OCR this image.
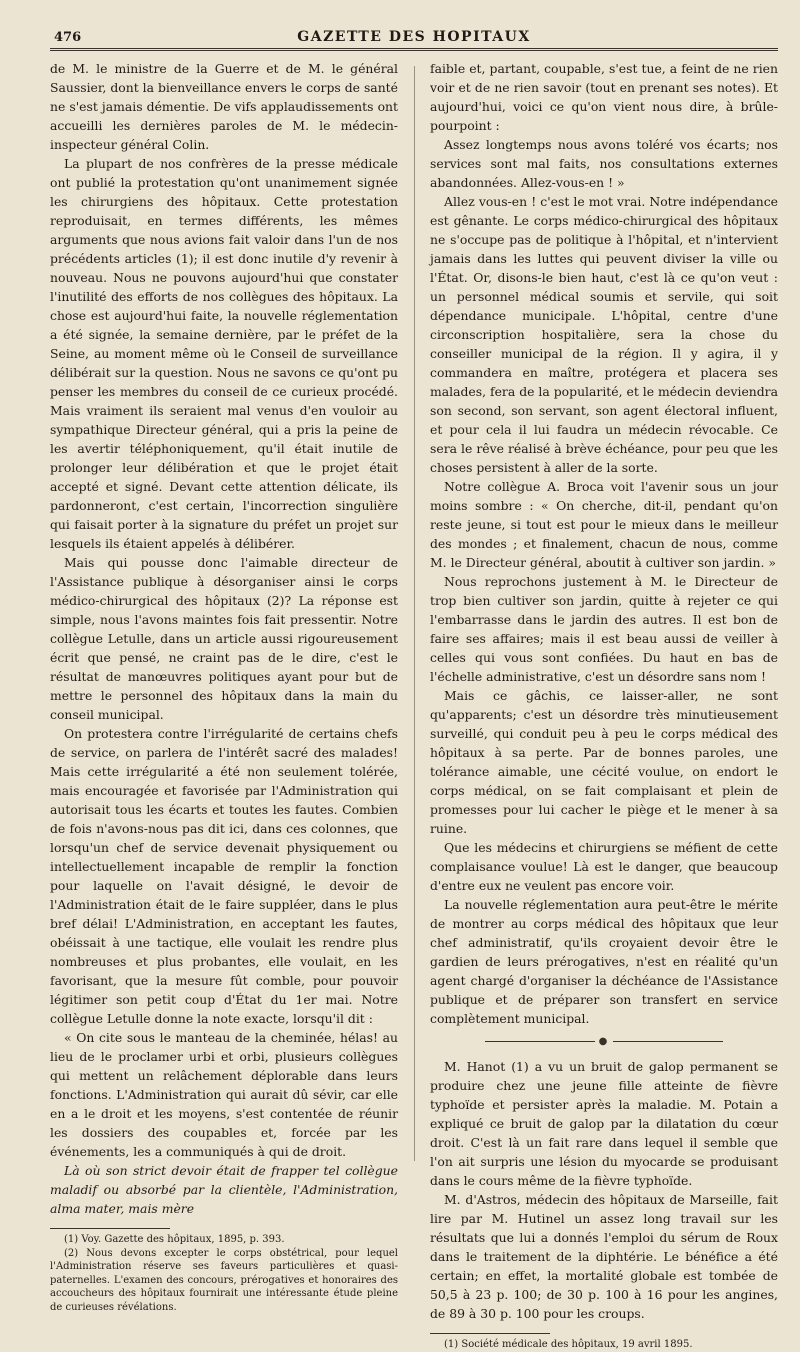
476	GAZETTE DES HOPITAUX

de M. le ministre de la Guerre et de M. le général Saussier, dont la bienveillance envers le corps de santé ne s'est jamais démentie. De vifs applaudissements ont accueilli les dernières paroles de M. le médecin-inspecteur général Colin.

La plupart de nos confrères de la presse médicale ont publié la protestation qu'ont unanimement signée les chirurgiens des hôpitaux. Cette protestation reproduisait, en termes différents, les mêmes arguments que nous avions fait valoir dans l'un de nos précédents articles (1); il est donc inutile d'y revenir à nouveau. Nous ne pouvons aujourd'hui que constater l'inutilité des efforts de nos collègues des hôpitaux. La chose est aujourd'hui faite, la nouvelle réglementation a été signée, la semaine dernière, par le préfet de la Seine, au moment même où le Conseil de surveillance délibérait sur la question. Nous ne savons ce qu'ont pu penser les membres du conseil de ce curieux procédé. Mais vraiment ils seraient mal venus d'en vouloir au sympathique Directeur général, qui a pris la peine de les avertir téléphoniquement, qu'il était inutile de prolonger leur délibération et que le projet était accepté et signé. Devant cette attention délicate, ils pardonneront, c'est certain, l'incorrection singulière qui faisait porter à la signature du préfet un projet sur lesquels ils étaient appelés à délibérer.

Mais qui pousse donc l'aimable directeur de l'Assistance publique à désorganiser ainsi le corps médico-chirurgical des hôpitaux (2)? La réponse est simple, nous l'avons maintes fois fait pressentir. Notre collègue Letulle, dans un article aussi rigoureusement écrit que pensé, ne craint pas de le dire, c'est le résultat de manœuvres politiques ayant pour but de mettre le personnel des hôpitaux dans la main du conseil municipal.

On protestera contre l'irrégularité de certains chefs de service, on parlera de l'intérêt sacré des malades! Mais cette irrégularité a été non seulement tolérée, mais encouragée et favorisée par l'Administration qui autorisait tous les écarts et toutes les fautes. Combien de fois n'avons-nous pas dit ici, dans ces colonnes, que lorsqu'un chef de service devenait physiquement ou intellectuellement incapable de remplir la fonction pour laquelle on l'avait désigné, le devoir de l'Administration était de le faire suppléer, dans le plus bref délai! L'Administration, en acceptant les fautes, obéissait à une tactique, elle voulait les rendre plus nombreuses et plus probantes, elle voulait, en les favorisant, que la mesure fût comble, pour pouvoir légitimer son petit coup d'État du 1er mai. Notre collègue Letulle donne la note exacte, lorsqu'il dit :

« On cite sous le manteau de la cheminée, hélas! au lieu de le proclamer urbi et orbi, plusieurs collègues qui mettent un relâchement déplorable dans leurs fonctions. L'Administration qui aurait dû sévir, car elle en a le droit et les moyens, s'est contentée de réunir les dossiers des coupables et, forcée par les événements, les a communiqués à qui de droit.

Là où son strict devoir était de frapper tel collègue maladif ou absorbé par la clientèle, l'Administration, alma mater, mais mère

(1) Voy. Gazette des hôpitaux, 1895, p. 393.

(2) Nous devons excepter le corps obstétrical, pour lequel l'Administration réserve ses faveurs particulières et quasi-paternelles. L'examen des concours, prérogatives et honoraires des accoucheurs des hôpitaux fournirait une intéressante étude pleine de curieuses révélations.

faible et, partant, coupable, s'est tue, a feint de ne rien voir et de ne rien savoir (tout en prenant ses notes). Et aujourd'hui, voici ce qu'on vient nous dire, à brûle-pourpoint :

Assez longtemps nous avons toléré vos écarts; nos services sont mal faits, nos consultations externes abandonnées. Allez-vous-en ! »

Allez vous-en ! c'est le mot vrai. Notre indépendance est gênante. Le corps médico-chirurgical des hôpitaux ne s'occupe pas de politique à l'hôpital, et n'intervient jamais dans les luttes qui peuvent diviser la ville ou l'État. Or, disons-le bien haut, c'est là ce qu'on veut : un personnel médical soumis et servile, qui soit dépendance municipale. L'hôpital, centre d'une circonscription hospitalière, sera la chose du conseiller municipal de la région. Il y agira, il y commandera en maître, protégera et placera ses malades, fera de la popularité, et le médecin deviendra son second, son servant, son agent électoral influent, et pour cela il lui faudra un médecin révocable. Ce sera le rêve réalisé à brève échéance, pour peu que les choses persistent à aller de la sorte.

Notre collègue A. Broca voit l'avenir sous un jour moins sombre : « On cherche, dit-il, pendant qu'on reste jeune, si tout est pour le mieux dans le meilleur des mondes ; et finalement, chacun de nous, comme M. le Directeur général, aboutit à cultiver son jardin. »

Nous reprochons justement à M. le Directeur de trop bien cultiver son jardin, quitte à rejeter ce qui l'embarrasse dans le jardin des autres. Il est bon de faire ses affaires; mais il est beau aussi de veiller à celles qui vous sont confiées. Du haut en bas de l'échelle administrative, c'est un désordre sans nom !

Mais ce gâchis, ce laisser-aller, ne sont qu'apparents; c'est un désordre très minutieusement surveillé, qui conduit peu à peu le corps médical des hôpitaux à sa perte. Par de bonnes paroles, une tolérance aimable, une cécité voulue, on endort le corps médical, on se fait complaisant et plein de promesses pour lui cacher le piège et le mener à sa ruine.

Que les médecins et chirurgiens se méfient de cette complaisance voulue! Là est le danger, que beaucoup d'entre eux ne veulent pas encore voir.

La nouvelle réglementation aura peut-être le mérite de montrer au corps médical des hôpitaux que leur chef administratif, qu'ils croyaient devoir être le gardien de leurs prérogatives, n'est en réalité qu'un agent chargé d'organiser la déchéance de l'Assistance publique et de préparer son transfert en service complètement municipal.

●

M. Hanot (1) a vu un bruit de galop permanent se produire chez une jeune fille atteinte de fièvre typhoïde et persister après la maladie. M. Potain a expliqué ce bruit de galop par la dilatation du cœur droit. C'est là un fait rare dans lequel il semble que l'on ait surpris une lésion du myocarde se produisant dans le cours même de la fièvre typhoïde.

M. d'Astros, médecin des hôpitaux de Marseille, fait lire par M. Hutinel un assez long travail sur les résultats que lui a donnés l'emploi du sérum de Roux dans le traitement de la diphtérie. Le bénéfice a été certain; en effet, la mortalité globale est tombée de 50,5 à 23 p. 100; de 30 p. 100 à 16 pour les angines, de 89 à 30 p. 100 pour les croups.

(1) Société médicale des hôpitaux, 19 avril 1895.
